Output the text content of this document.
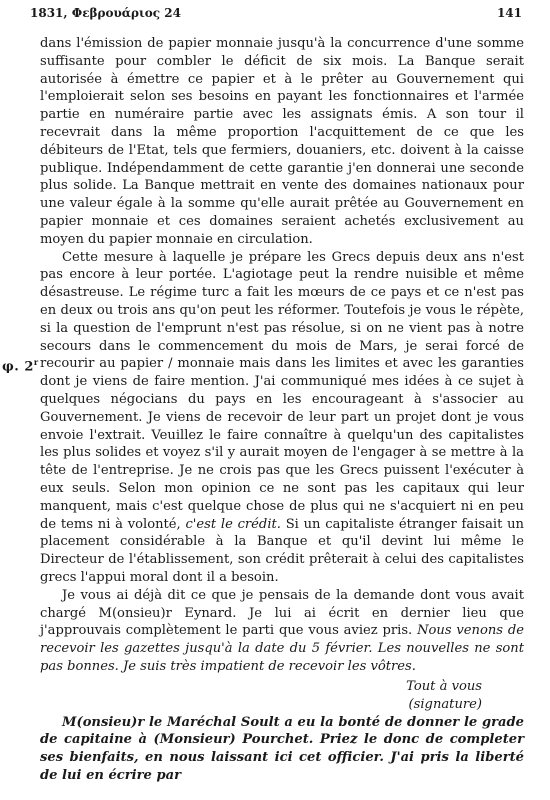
1831, Φεβρουάριος 24	141
φ. 2$^r$

dans l'émission de papier monnaie jusqu'à la concurrence d'une somme suffisante pour combler le déficit de six mois. La Banque serait autorisée à émettre ce papier et à le prêter au Gouvernement qui l'emploierait selon ses besoins en payant les fonctionnaires et l'armée partie en numéraire partie avec les assignats émis. A son tour il recevrait dans la même proportion l'acquittement de ce que les débiteurs de l'Etat, tels que fermiers, douaniers, etc. doivent à la caisse publique. Indépendamment de cette garantie j'en donnerai une seconde plus solide. La Banque mettrait en vente des domaines nationaux pour une valeur égale à la somme qu'elle aurait prêtée au Gouvernement en papier monnaie et ces domaines seraient achetés exclusivement au moyen du papier monnaie en circulation.

Cette mesure à laquelle je prépare les Grecs depuis deux ans n'est pas encore à leur portée. L'agiotage peut la rendre nuisible et même désastreuse. Le régime turc a fait les mœurs de ce pays et ce n'est pas en deux ou trois ans qu'on peut les réformer. Toutefois je vous le répète, si la question de l'emprunt n'est pas résolue, si on ne vient pas à notre secours dans le commencement du mois de Mars, je serai forcé de recourir au papier / monnaie mais dans les limites et avec les garanties dont je viens de faire mention. J'ai communiqué mes idées à ce sujet à quelques négocians du pays en les encourageant à s'associer au Gouvernement. Je viens de recevoir de leur part un projet dont je vous envoie l'extrait. Veuillez le faire connaître à quelqu'un des capitalistes les plus solides et voyez s'il y aurait moyen de l'engager à se mettre à la tête de l'entreprise. Je ne crois pas que les Grecs puissent l'exécuter à eux seuls. Selon mon opinion ce ne sont pas les capitaux qui leur manquent, mais c'est quelque chose de plus qui ne s'acquiert ni en peu de tems ni à volonté, c'est le crédit. Si un capitaliste étranger faisait un placement considérable à la Banque et qu'il devint lui même le Directeur de l'établissement, son crédit prêterait à celui des capitalistes grecs l'appui moral dont il a besoin.

Je vous ai déjà dit ce que je pensais de la demande dont vous avait chargé M(onsieu)r Eynard. Je lui ai écrit en dernier lieu que j'approuvais complètement le parti que vous aviez pris. Nous venons de recevoir les gazettes jusqu'à la date du 5 février. Les nouvelles ne sont pas bonnes. Je suis très impatient de recevoir les vôtres.

Tout à vous
(signature)

M(onsieu)r le Maréchal Soult a eu la bonté de donner le grade de capitaine à (Monsieur) Pourchet. Priez le donc de completer ses bienfaits, en nous laissant ici cet officier. J'ai pris la liberté de lui en écrire par
